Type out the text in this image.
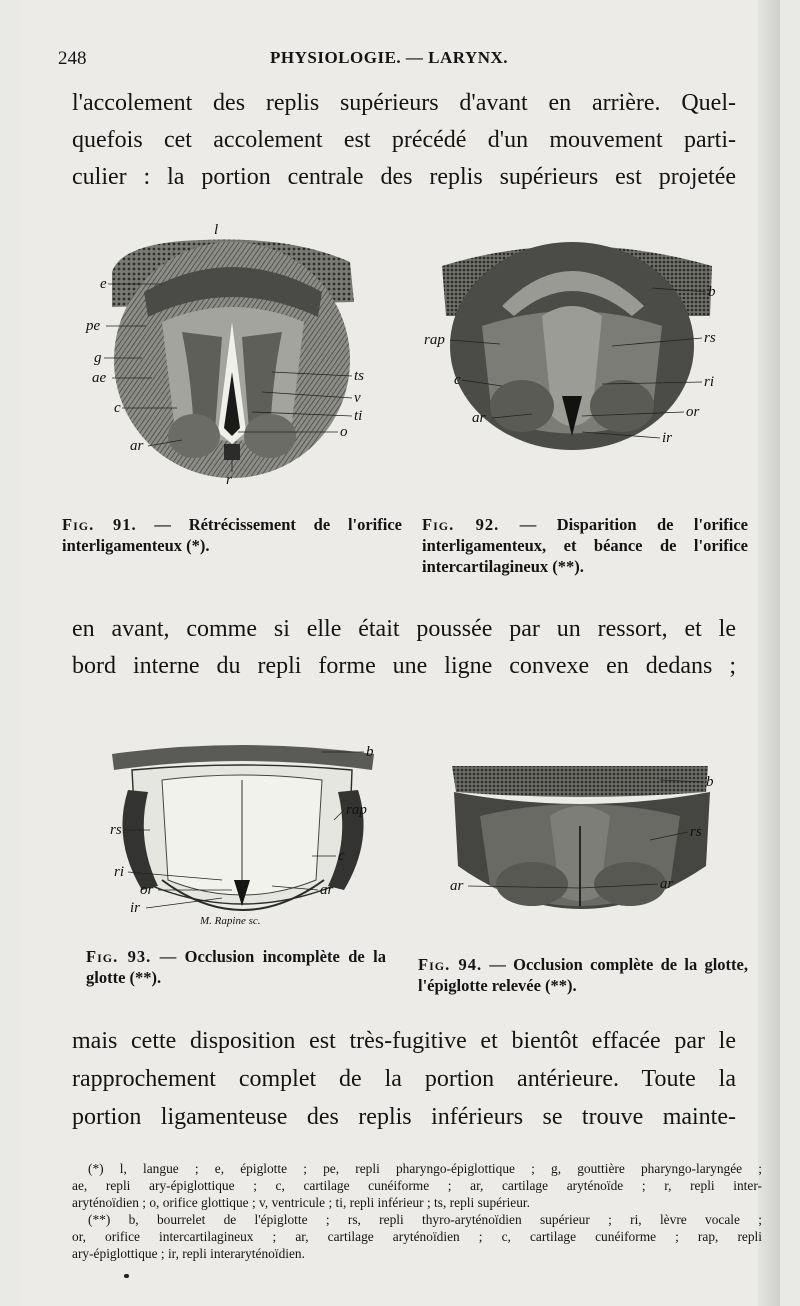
248	PHYSIOLOGIE. — LARYNX.
l'accolement des replis supérieurs d'avant en arrière. Quel-
quefois cet accolement est précédé d'un mouvement parti-
culier : la portion centrale des replis supérieurs est projetée
l
e
pe
g
ae
c
ar
r
ts
v
ti
o
Fig. 91. — Rétrécissement de l'orifice interligamenteux (*).
b
rap	rs
c	ri
ar	or
ir
Fig. 92. — Disparition de l'orifice interligamenteux, et béance de l'orifice intercartilagineux (**).
en avant, comme si elle était poussée par un ressort, et le
bord interne du repli forme une ligne convexe en dedans ;
b
rap
rs
c
ri
or	ar
ir
M. Rapine sc.
Fig. 93. — Occlusion incomplète de la glotte (**).
b
rs
ar	ar
Fig. 94. — Occlusion complète de la glotte, l'épiglotte relevée (**).
mais cette disposition est très-fugitive et bientôt effacée par le
rapprochement complet de la portion antérieure. Toute la
portion ligamenteuse des replis inférieurs se trouve mainte-
(*) l, langue ; e, épiglotte ; pe, repli pharyngo-épiglottique ; g, gouttière pharyngo-laryngée ;
ae, repli ary-épiglottique ; c, cartilage cunéiforme ; ar, cartilage aryténoïde ; r, repli inter-
aryténoïdien ; o, orifice glottique ; v, ventricule ; ti, repli inférieur ; ts, repli supérieur.
(**) b, bourrelet de l'épiglotte ; rs, repli thyro-aryténoïdien supérieur ; ri, lèvre vocale ;
or, orifice intercartilagineux ; ar, cartilage aryténoïdien ; c, cartilage cunéiforme ; rap, repli
ary-épiglottique ; ir, repli interaryténoïdien.
